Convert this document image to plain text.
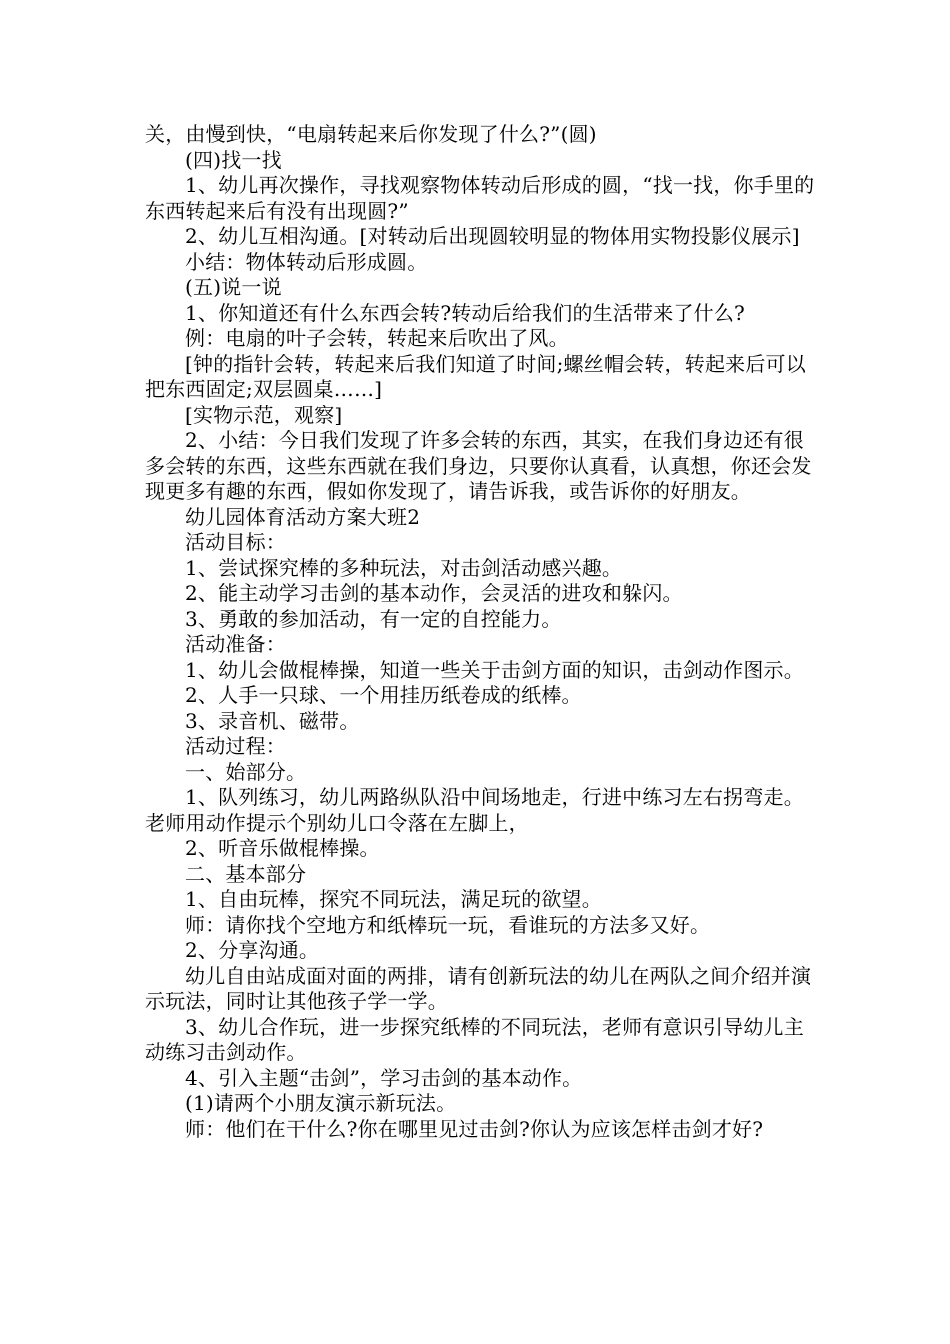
关，由慢到快，“电扇转起来后你发现了什么?”(圆)

(四)找一找

1、幼儿再次操作，寻找观察物体转动后形成的圆，“找一找，你手里的东西转起来后有没有出现圆?”

2、幼儿互相沟通。[对转动后出现圆较明显的物体用实物投影仪展示]

小结：物体转动后形成圆。

(五)说一说

1、你知道还有什么东西会转?转动后给我们的生活带来了什么?

例：电扇的叶子会转，转起来后吹出了风。

[钟的指针会转，转起来后我们知道了时间;螺丝帽会转，转起来后可以把东西固定;双层圆桌……]

[实物示范，观察]

2、小结：今日我们发现了许多会转的东西，其实，在我们身边还有很多会转的东西，这些东西就在我们身边，只要你认真看，认真想，你还会发现更多有趣的东西，假如你发现了，请告诉我，或告诉你的好朋友。

幼儿园体育活动方案大班2

活动目标：

1、尝试探究棒的多种玩法，对击剑活动感兴趣。

2、能主动学习击剑的基本动作，会灵活的进攻和躲闪。

3、勇敢的参加活动，有一定的自控能力。

活动准备：

1、幼儿会做棍棒操，知道一些关于击剑方面的知识，击剑动作图示。

2、人手一只球、一个用挂历纸卷成的纸棒。

3、录音机、磁带。

活动过程：

一、始部分。

1、队列练习，幼儿两路纵队沿中间场地走，行进中练习左右拐弯走。老师用动作提示个别幼儿口令落在左脚上，

2、听音乐做棍棒操。

二、基本部分

1、自由玩棒，探究不同玩法，满足玩的欲望。

师：请你找个空地方和纸棒玩一玩，看谁玩的方法多又好。

2、分享沟通。

幼儿自由站成面对面的两排，请有创新玩法的幼儿在两队之间介绍并演示玩法，同时让其他孩子学一学。

3、幼儿合作玩，进一步探究纸棒的不同玩法，老师有意识引导幼儿主动练习击剑动作。

4、引入主题“击剑”，学习击剑的基本动作。

(1)请两个小朋友演示新玩法。

师：他们在干什么?你在哪里见过击剑?你认为应该怎样击剑才好?
